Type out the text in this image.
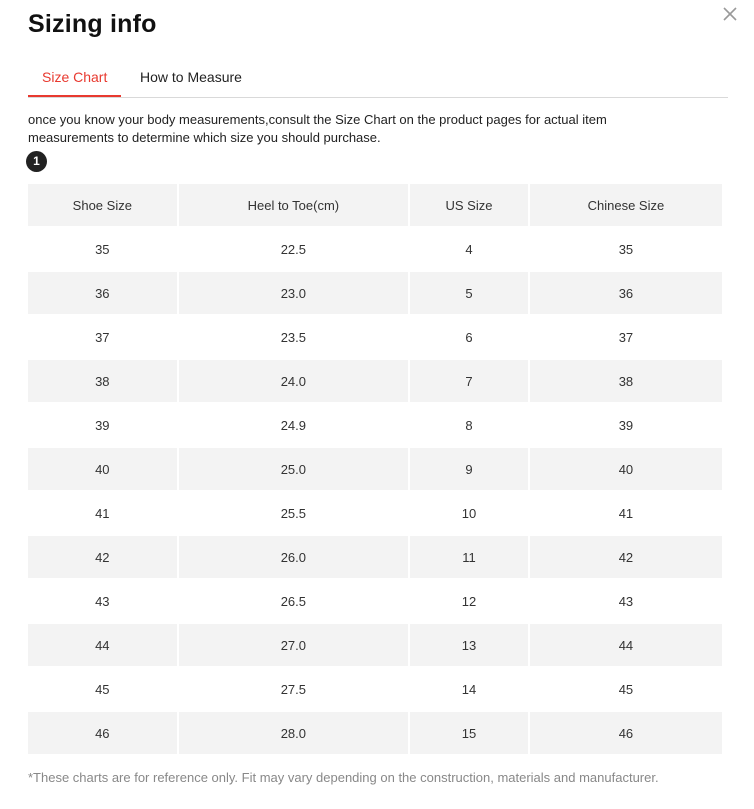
Sizing info
Size Chart	How to Measure
once you know your body measurements,consult the Size Chart on the product pages for actual item measurements to determine which size you should purchase.
1
Shoe Size	Heel to Toe(cm)	US Size	Chinese Size
35	22.5	4	35
36	23.0	5	36
37	23.5	6	37
38	24.0	7	38
39	24.9	8	39
40	25.0	9	40
41	25.5	10	41
42	26.0	11	42
43	26.5	12	43
44	27.0	13	44
45	27.5	14	45
46	28.0	15	46
*These charts are for reference only. Fit may vary depending on the construction, materials and manufacturer.
